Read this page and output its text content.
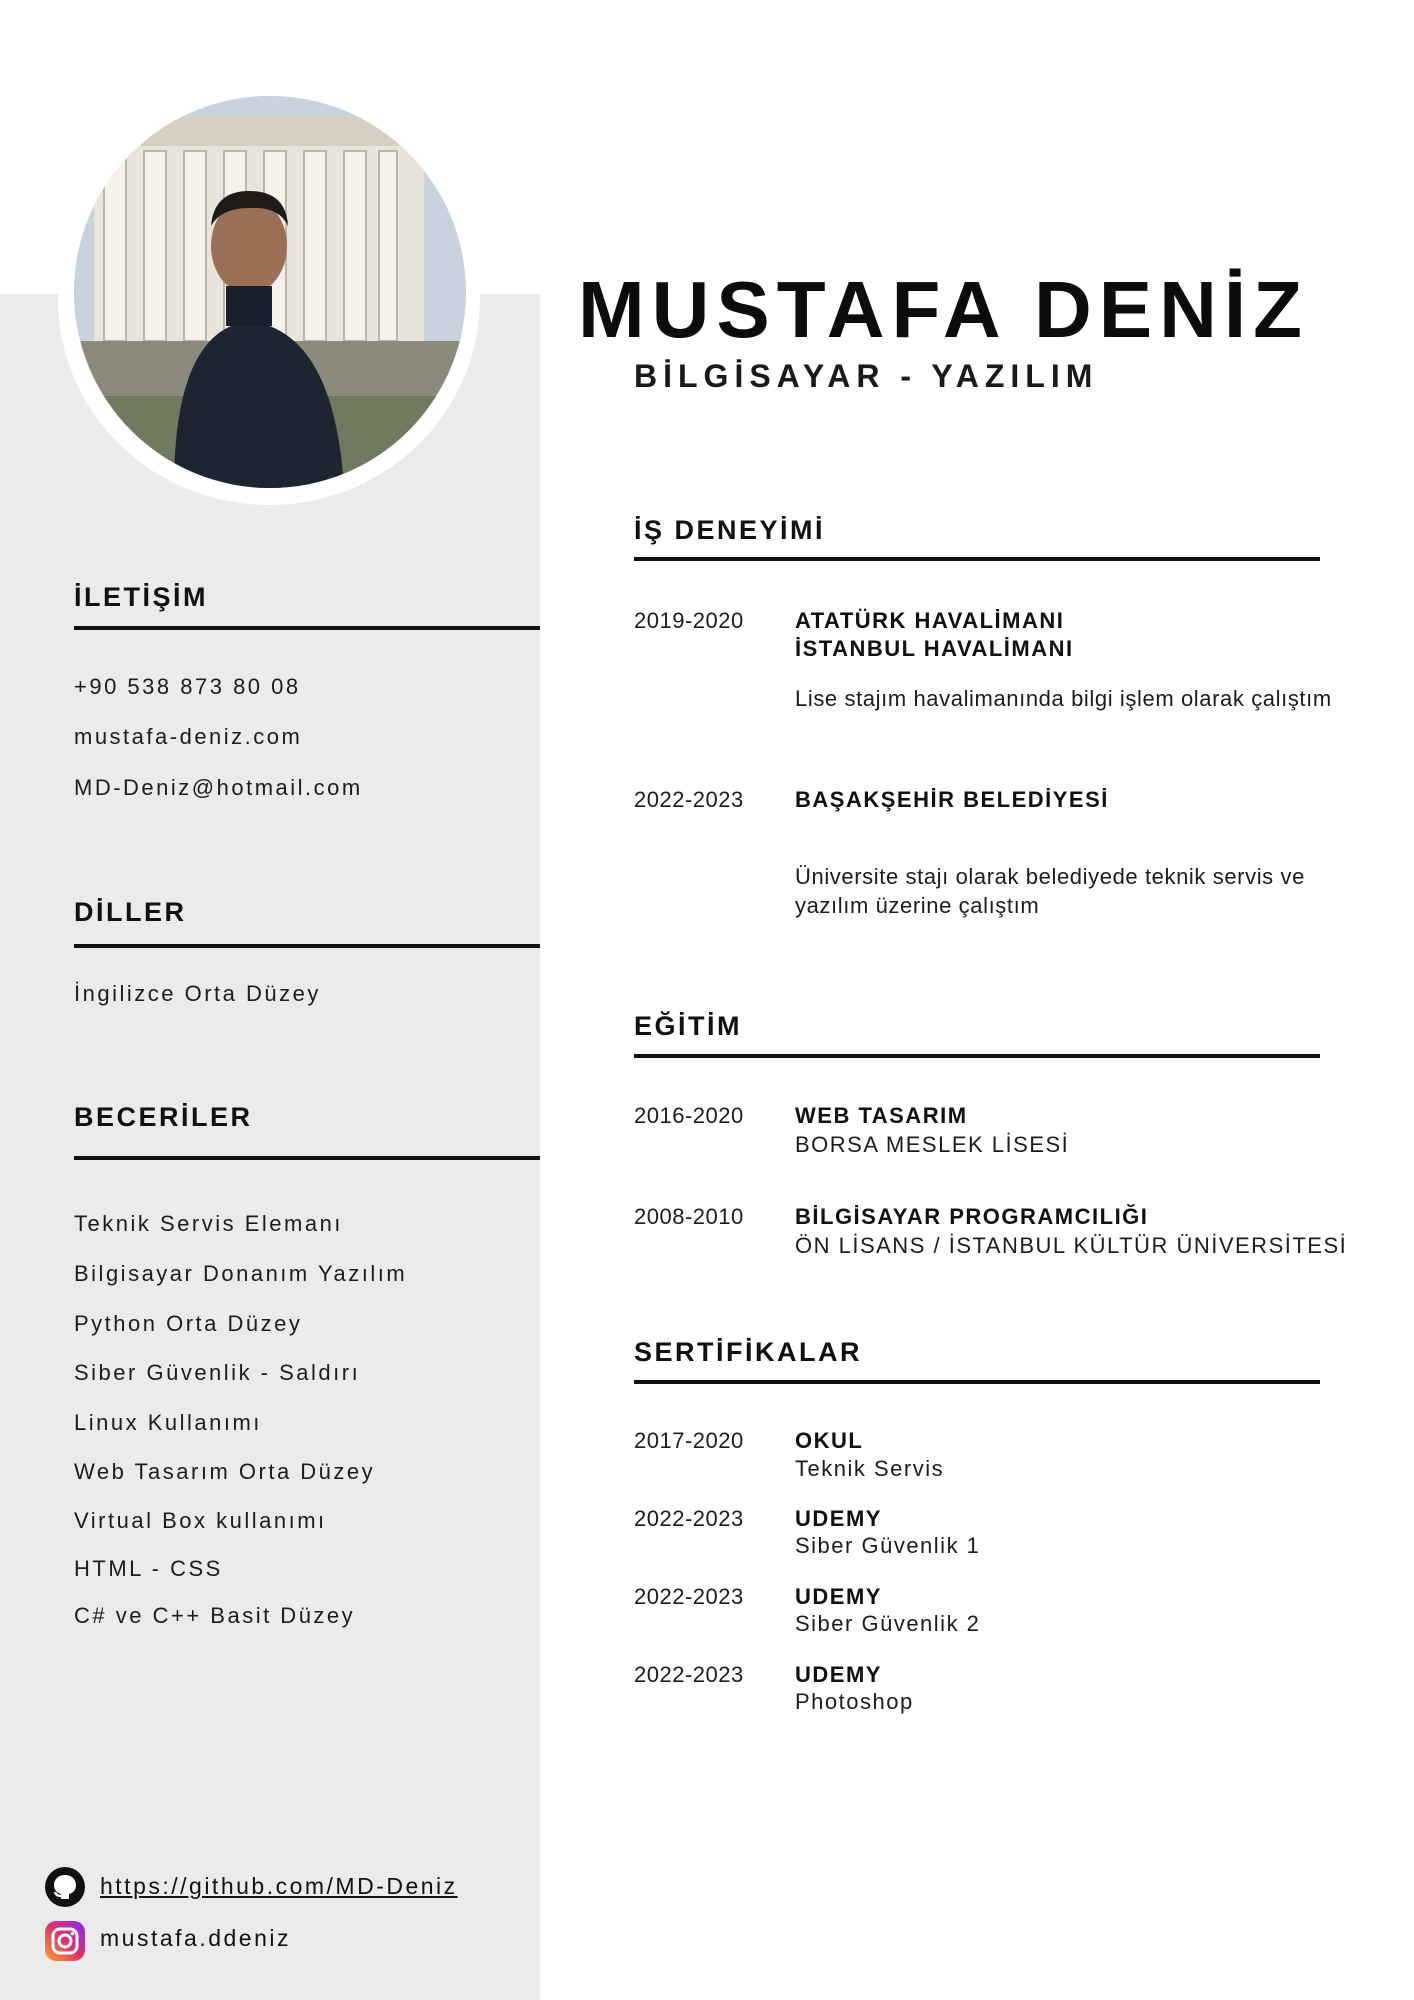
MUSTAFA DENİZ
BİLGİSAYAR - YAZILIM
İLETİŞİM

+90 538 873 80 08

mustafa-deniz.com

MD-Deniz@hotmail.com

DİLLER

İngilizce Orta Düzey

BECERİLER

Teknik Servis Elemanı

Bilgisayar Donanım Yazılım

Python Orta Düzey

Siber Güvenlik - Saldırı

Linux Kullanımı

Web Tasarım Orta Düzey

Virtual Box kullanımı

HTML - CSS

C# ve C++ Basit Düzey

https://github.com/MD-Deniz

mustafa.ddeniz

İŞ DENEYİMİ

2019-2020 ATATÜRK HAVALİMANI

İSTANBUL HAVALİMANI

Lise stajım havalimanında bilgi işlem olarak çalıştım

2022-2023 BAŞAKŞEHİR BELEDİYESİ

Üniversite stajı olarak belediyede teknik servis ve yazılım üzerine çalıştım

EĞİTİM

2016-2020 WEB TASARIM

BORSA MESLEK LİSESİ

2008-2010 BİLGİSAYAR PROGRAMCILIĞI

ÖN LİSANS / İSTANBUL KÜLTÜR ÜNİVERSİTESİ

SERTİFİKALAR

2017-2020 OKUL

Teknik Servis

2022-2023 UDEMY

Siber Güvenlik 1

2022-2023 UDEMY

Siber Güvenlik 2

2022-2023 UDEMY

Photoshop
